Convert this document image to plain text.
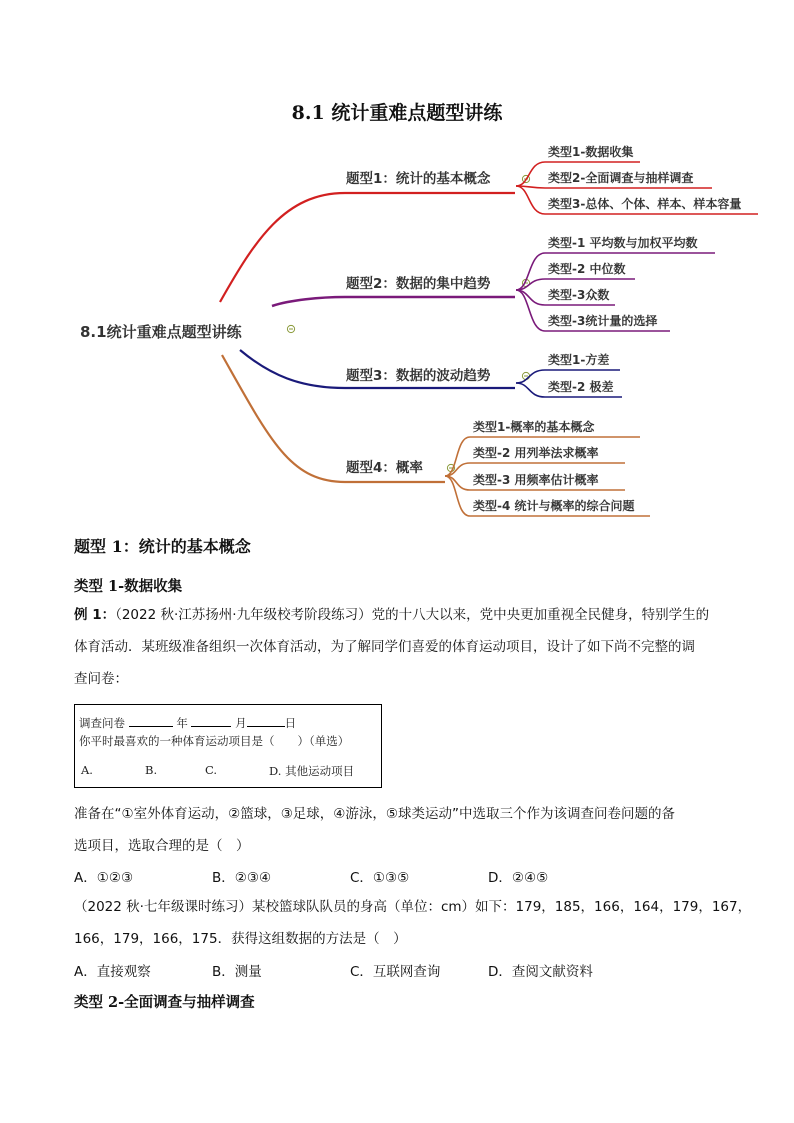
8.1 统计重难点题型讲练
8.1统计重难点题型讲练
题型1：统计的基本概念
题型2：数据的集中趋势
题型3：数据的波动趋势
题型4：概率
类型1-数据收集
类型2-全面调查与抽样调查
类型3-总体、个体、样本、样本容量
类型-1 平均数与加权平均数
类型-2 中位数
类型-3众数
类型-3统计量的选择
类型1-方差
类型-2 极差
类型1-概率的基本概念
类型-2 用列举法求概率
类型-3 用频率估计概率
类型-4 统计与概率的综合问题
题型 1：统计的基本概念
类型 1-数据收集
例 1：（2022 秋·江苏扬州·九年级校考阶段练习）党的十八大以来，党中央更加重视全民健身，特别学生的
体育活动．某班级准备组织一次体育活动，为了解同学们喜爱的体育运动项目，设计了如下尚不完整的调
查问卷：
调查问卷	年	月	日
你平时最喜欢的一种体育运动项目是（　　）（单选）
A.	B.	C.	D. 其他运动项目
准备在“①室外体育运动，②篮球，③足球，④游泳，⑤球类运动”中选取三个作为该调查问卷问题的备
选项目，选取合理的是（　）
A．①②③	B．②③④	C．①③⑤	D．②④⑤
（2022 秋·七年级课时练习）某校篮球队队员的身高（单位：cm）如下：179，185，166，164，179，167，
166，179，166，175．获得这组数据的方法是（　）
A．直接观察	B．测量	C．互联网查询	D．查阅文献资料
类型 2-全面调查与抽样调查
